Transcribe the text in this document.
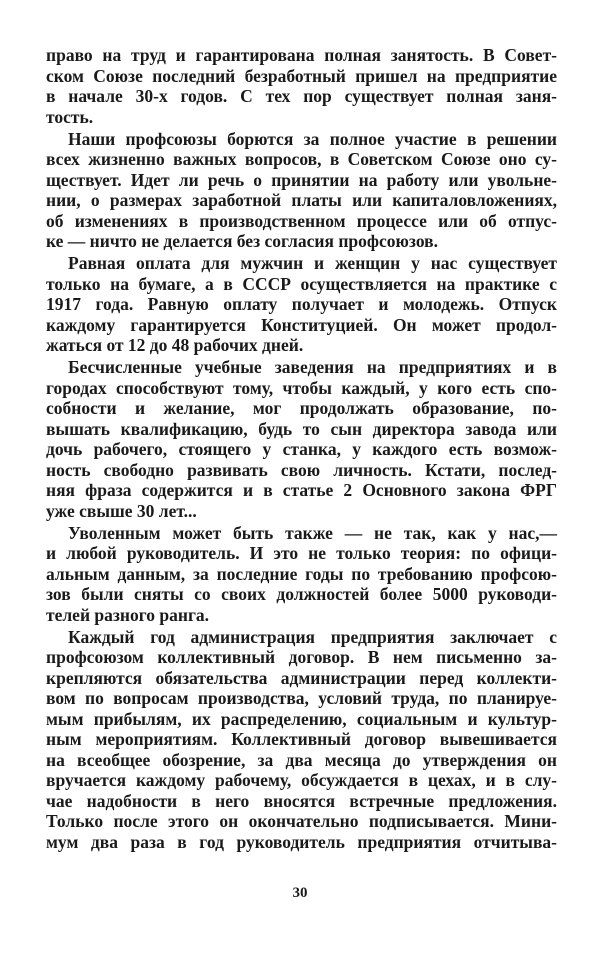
право на труд и гарантирована полная занятость. В Совет-
ском Союзе последний безработный пришел на предприятие
в начале 30-х годов. С тех пор существует полная заня-
тость.
Наши профсоюзы борются за полное участие в решении
всех жизненно важных вопросов, в Советском Союзе оно су-
ществует. Идет ли речь о принятии на работу или увольне-
нии, о размерах заработной платы или капиталовложениях,
об изменениях в производственном процессе или об отпус-
ке — ничто не делается без согласия профсоюзов.
Равная оплата для мужчин и женщин у нас существует
только на бумаге, а в СССР осуществляется на практике с
1917 года. Равную оплату получает и молодежь. Отпуск
каждому гарантируется Конституцией. Он может продол-
жаться от 12 до 48 рабочих дней.
Бесчисленные учебные заведения на предприятиях и в
городах способствуют тому, чтобы каждый, у кого есть спо-
собности и желание, мог продолжать образование, по-
вышать квалификацию, будь то сын директора завода или
дочь рабочего, стоящего у станка, у каждого есть возмож-
ность свободно развивать свою личность. Кстати, послед-
няя фраза содержится и в статье 2 Основного закона ФРГ
уже свыше 30 лет...
Уволенным может быть также — не так, как у нас,—
и любой руководитель. И это не только теория: по офици-
альным данным, за последние годы по требованию профсою-
зов были сняты со своих должностей более 5000 руководи-
телей разного ранга.
Каждый год администрация предприятия заключает с
профсоюзом коллективный договор. В нем письменно за-
крепляются обязательства администрации перед коллекти-
вом по вопросам производства, условий труда, по планируе-
мым прибылям, их распределению, социальным и культур-
ным мероприятиям. Коллективный договор вывешивается
на всеобщее обозрение, за два месяца до утверждения он
вручается каждому рабочему, обсуждается в цехах, и в слу-
чае надобности в него вносятся встречные предложения.
Только после этого он окончательно подписывается. Мини-
мум два раза в год руководитель предприятия отчитыва-
30
